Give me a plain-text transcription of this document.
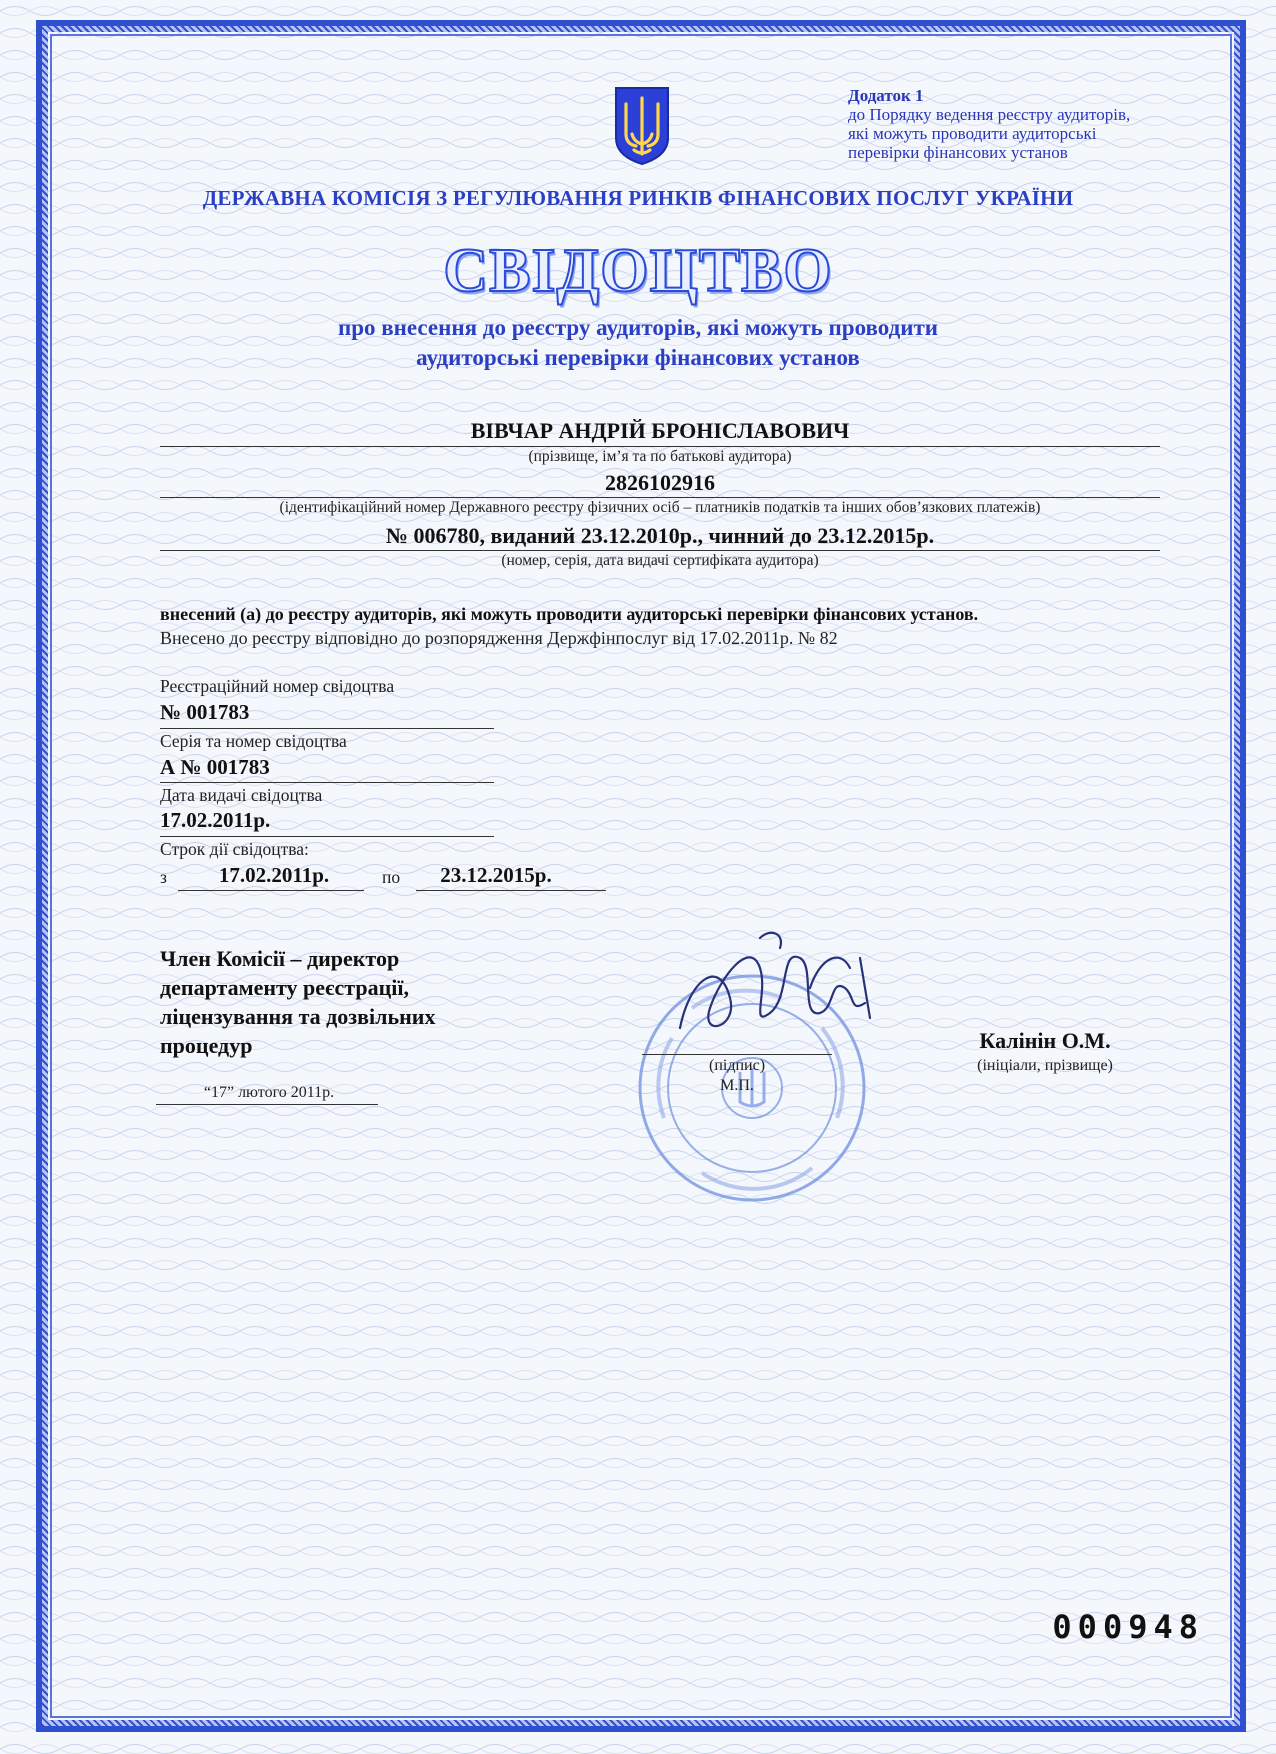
Додаток 1
до Порядку ведення реєстру аудиторів,
які можуть проводити аудиторські
перевірки фінансових установ
ДЕРЖАВНА КОМІСІЯ З РЕГУЛЮВАННЯ РИНКІВ ФІНАНСОВИХ ПОСЛУГ УКРАЇНИ
СВІДОЦТВО
про внесення до реєстру аудиторів, які можуть проводити
аудиторські перевірки фінансових установ
ВІВЧАР АНДРІЙ БРОНІСЛАВОВИЧ
(прізвище, ім’я та по батькові аудитора)
2826102916
(ідентифікаційний номер Державного реєстру фізичних осіб – платників податків та інших обов’язкових платежів)
№ 006780, виданий 23.12.2010р., чинний до 23.12.2015р.
(номер, серія, дата видачі сертифіката аудитора)
внесений (а) до реєстру аудиторів, які можуть проводити аудиторські перевірки фінансових установ.
Внесено до реєстру відповідно до розпорядження Держфінпослуг від 17.02.2011р. № 82
Реєстраційний номер свідоцтва
№ 001783
Серія та номер свідоцтва
А № 001783
Дата видачі свідоцтва
17.02.2011р.
Строк дії свідоцтва:
з	17.02.2011р.	по	23.12.2015р.
Член Комісії – директор
департаменту реєстрації,
ліцензування та дозвільних
процедур
“17” лютого 2011р.
(підпис)
М.П.
Калінін О.М.
(ініціали, прізвище)
000948
